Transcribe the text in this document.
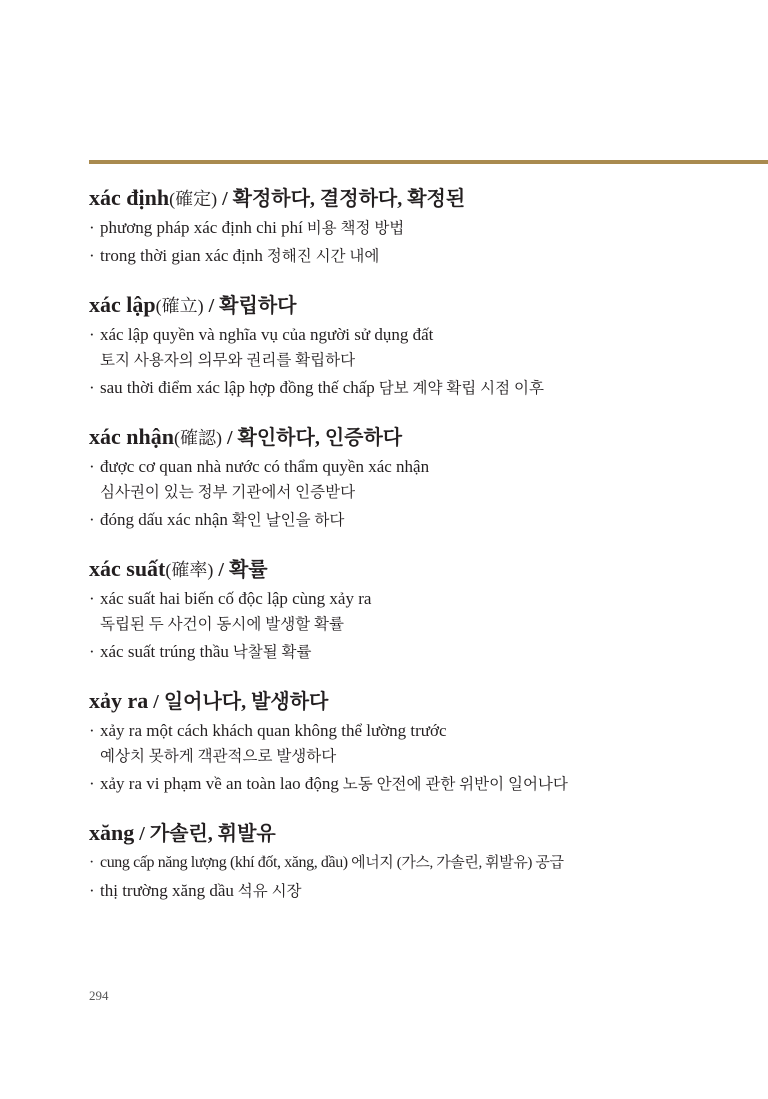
xác định(確定) / 확정하다, 결정하다, 확정된
· phương pháp xác định chi phí 비용 책정 방법
· trong thời gian xác định 정해진 시간 내에
xác lập(確立) / 확립하다
· xác lập quyền và nghĩa vụ của người sử dụng đất
토지 사용자의 의무와 권리를 확립하다
· sau thời điểm xác lập hợp đồng thế chấp 담보 계약 확립 시점 이후
xác nhận(確認) / 확인하다, 인증하다
· được cơ quan nhà nước có thẩm quyền xác nhận
심사권이 있는 정부 기관에서 인증받다
· đóng dấu xác nhận 확인 날인을 하다
xác suất(確率) / 확률
· xác suất hai biến cố độc lập cùng xảy ra
독립된 두 사건이 동시에 발생할 확률
· xác suất trúng thầu 낙찰될 확률
xảy ra / 일어나다, 발생하다
· xảy ra một cách khách quan không thể lường trước
예상치 못하게 객관적으로 발생하다
· xảy ra vi phạm về an toàn lao động 노동 안전에 관한 위반이 일어나다
xăng / 가솔린, 휘발유
· cung cấp năng lượng (khí đốt, xăng, dầu) 에너지 (가스, 가솔린, 휘발유) 공급
· thị trường xăng dầu 석유 시장
294
